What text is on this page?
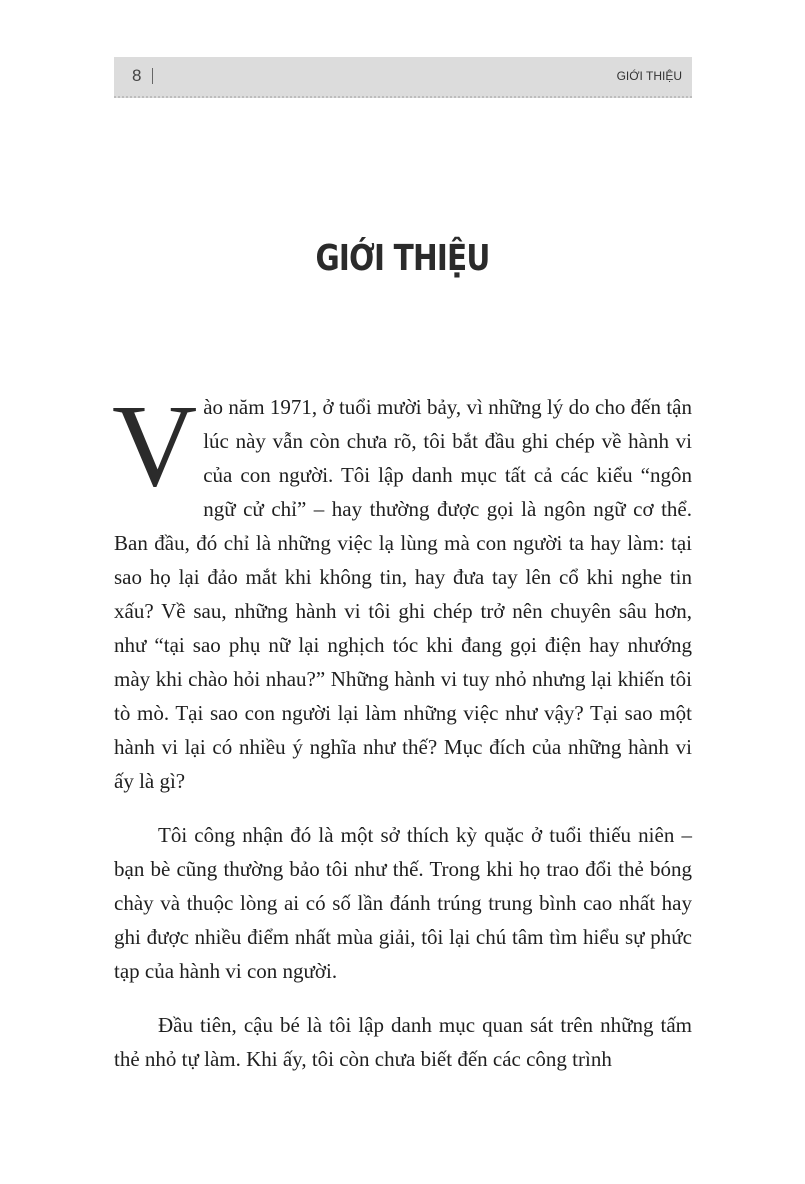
8	GIỚI THIỆU
GIỚI THIỆU

Vào năm 1971, ở tuổi mười bảy, vì những lý do cho đến tận lúc này vẫn còn chưa rõ, tôi bắt đầu ghi chép về hành vi của con người. Tôi lập danh mục tất cả các kiểu “ngôn ngữ cử chỉ” – hay thường được gọi là ngôn ngữ cơ thể. Ban đầu, đó chỉ là những việc lạ lùng mà con người ta hay làm: tại sao họ lại đảo mắt khi không tin, hay đưa tay lên cổ khi nghe tin xấu? Về sau, những hành vi tôi ghi chép trở nên chuyên sâu hơn, như “tại sao phụ nữ lại nghịch tóc khi đang gọi điện hay nhướng mày khi chào hỏi nhau?” Những hành vi tuy nhỏ nhưng lại khiến tôi tò mò. Tại sao con người lại làm những việc như vậy? Tại sao một hành vi lại có nhiều ý nghĩa như thế? Mục đích của những hành vi ấy là gì?

Tôi công nhận đó là một sở thích kỳ quặc ở tuổi thiếu niên – bạn bè cũng thường bảo tôi như thế. Trong khi họ trao đổi thẻ bóng chày và thuộc lòng ai có số lần đánh trúng trung bình cao nhất hay ghi được nhiều điểm nhất mùa giải, tôi lại chú tâm tìm hiểu sự phức tạp của hành vi con người.

Đầu tiên, cậu bé là tôi lập danh mục quan sát trên những tấm thẻ nhỏ tự làm. Khi ấy, tôi còn chưa biết đến các công trình
